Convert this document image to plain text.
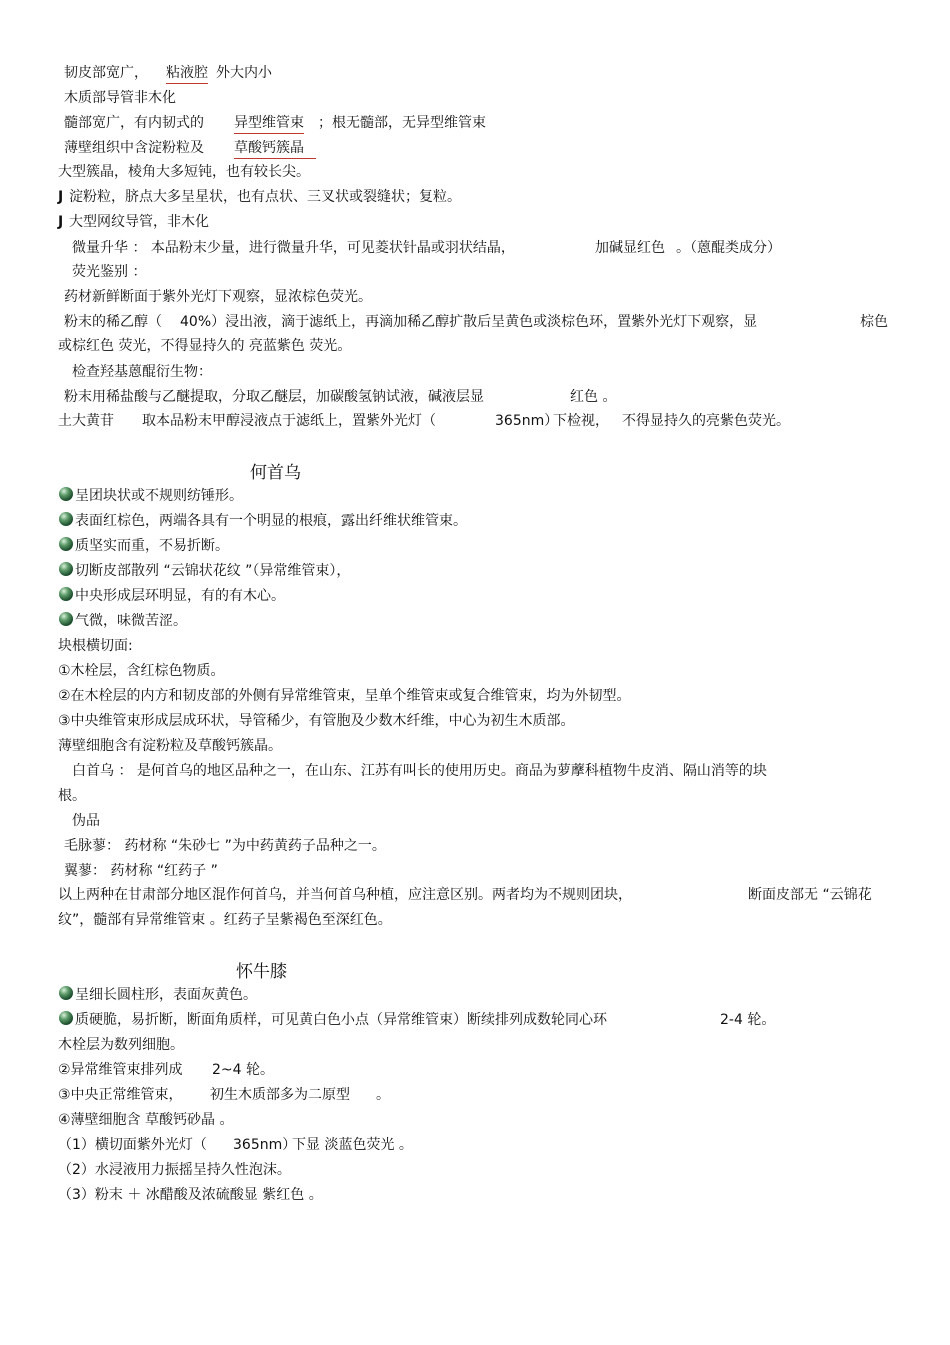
韧皮部宽广， 粘液腔 外大内小
木质部导管非木化
髓部宽广，有内韧式的 异型维管束 ；根无髓部，无异型维管束
薄壁组织中含淀粉粒及 草酸钙簇晶
大型簇晶，棱角大多短钝，也有较长尖。
J 淀粉粒，脐点大多呈星状，也有点状、三叉状或裂缝状；复粒。
J 大型网纹导管，非木化
微量升华 ： 本品粉末少量，进行微量升华，可见菱状针晶或羽状结晶，	加碱显红色 。（蒽醌类成分）
荧光鉴别 ：
药材新鲜断面于紫外光灯下观察，显浓棕色荧光。
粉末的稀乙醇（ 40%）浸出液，滴于滤纸上，再滴加稀乙醇扩散后呈黄色或淡棕色环，置紫外光灯下观察，显	棕色
或棕红色 荧光，不得显持久的 亮蓝紫色 荧光。
检查羟基蒽醌衍生物：
粉末用稀盐酸与乙醚提取，分取乙醚层，加碳酸氢钠试液，碱液层显	红色 。
土大黄苷 取本品粉末甲醇浸液点于滤纸上，置紫外光灯（	365nm）
下检视， 不得显持久的亮紫色荧光。
何首乌
呈团块状或不规则纺锤形。
表面红棕色，两端各具有一个明显的根痕，露出纤维状维管束。
质坚实而重，不易折断。
切断皮部散列 “云锦状花纹 ”（异常维管束），
中央形成层环明显，有的有木心。
气微，味微苦涩。
块根横切面:
①木栓层，含红棕色物质。
②在木栓层的内方和韧皮部的外侧有异常维管束，呈单个维管束或复合维管束，均为外韧型。
③中央维管束形成层成环状，导管稀少，有管胞及少数木纤维，中心为初生木质部。
薄壁细胞含有淀粉粒及草酸钙簇晶。
白首乌 ： 是何首乌的地区品种之一，在山东、江苏有叫长的使用历史。商品为萝藦科植物牛皮消、隔山消等的块
根。
伪品
毛脉蓼： 药材称 “朱砂七 ”为中药黄药子品种之一。
翼蓼： 药材称 “红药子 ”
以上两种在甘肃部分地区混作何首乌，并当何首乌种植，应注意区别。两者均为不规则团块，	断面皮部无 “云锦花
纹”，髓部有异常维管束 。红药子呈紫褐色至深红色。
怀牛膝
呈细长圆柱形，表面灰黄色。
质硬脆，易折断，断面角质样，可见黄白色小点（异常维管束）断续排列成数轮同心环	2-4 轮。
木栓层为数列细胞。
②异常维管束排列成 2~4 轮。
③中央正常维管束， 初生木质部多为二原型 。
④薄壁细胞含 草酸钙砂晶 。
（1）横切面紫外光灯（ 365nm）
下显 淡蓝色荧光 。
（2）水浸液用力振摇呈持久性泡沫。
（3）粉末 ＋ 冰醋酸及浓硫酸显 紫红色 。
